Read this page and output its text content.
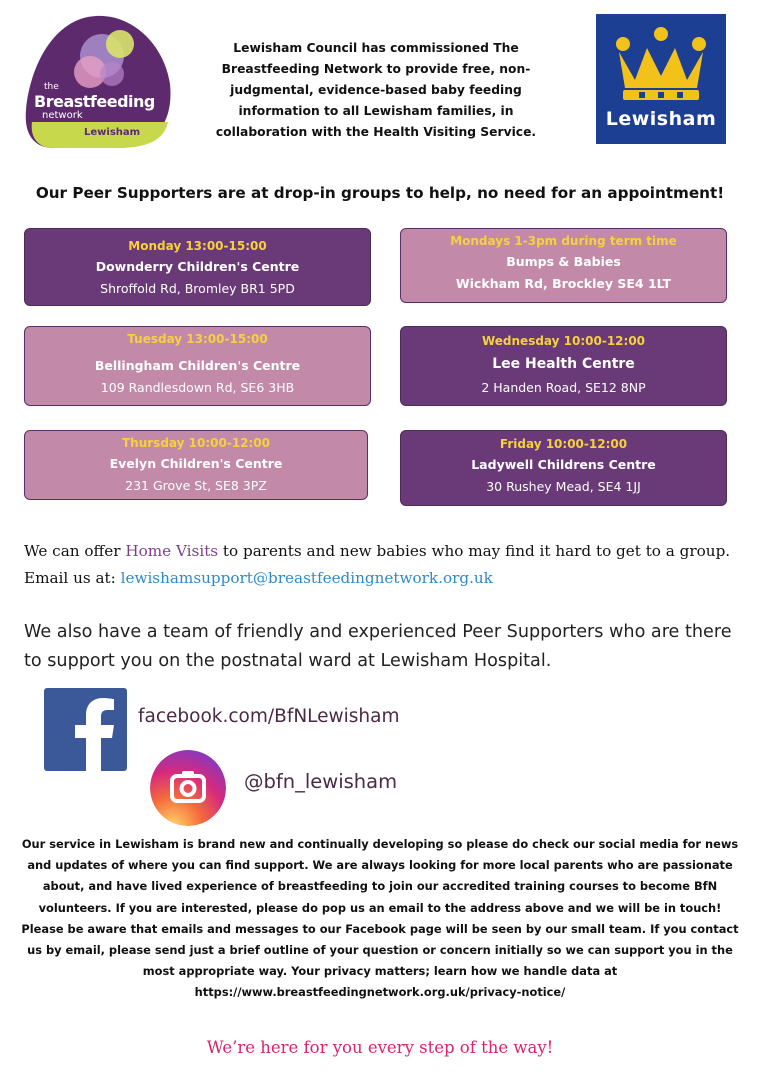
the
Breastfeeding
network
Lewisham
Lewisham Council has commissioned The
Breastfeeding Network to provide free, non-
judgmental, evidence-based baby feeding
information to all Lewisham families, in
collaboration with the Health Visiting Service.
Lewisham
Our Peer Supporters are at drop-in groups to help, no need for an appointment!
Monday 13:00-15:00
Downderry Children's Centre
Shroffold Rd, Bromley BR1 5PD
Mondays 1-3pm during term time
Bumps & Babies
Wickham Rd, Brockley SE4 1LT
Tuesday 13:00-15:00
Bellingham Children's Centre
109 Randlesdown Rd, SE6 3HB
Wednesday 10:00-12:00
Lee Health Centre
2 Handen Road, SE12 8NP
Thursday 10:00-12:00
Evelyn Children's Centre
231 Grove St, SE8 3PZ
Friday 10:00-12:00
Ladywell Childrens Centre
30 Rushey Mead, SE4 1JJ
We can offer Home Visits to parents and new babies who may find it hard to get to a group. Email us at: lewishamsupport@breastfeedingnetwork.org.uk
We also have a team of friendly and experienced Peer Supporters who are there to support you on the postnatal ward at Lewisham Hospital.
facebook.com/BfNLewisham
@bfn_lewisham
Our service in Lewisham is brand new and continually developing so please do check our social media for news and updates of where you can find support. We are always looking for more local parents who are passionate about, and have lived experience of breastfeeding to join our accredited training courses to become BfN volunteers. If you are interested, please do pop us an email to the address above and we will be in touch!
Please be aware that emails and messages to our Facebook page will be seen by our small team. If you contact us by email, please send just a brief outline of your question or concern initially so we can support you in the most appropriate way. Your privacy matters; learn how we handle data at https://www.breastfeedingnetwork.org.uk/privacy-notice/
We’re here for you every step of the way!
